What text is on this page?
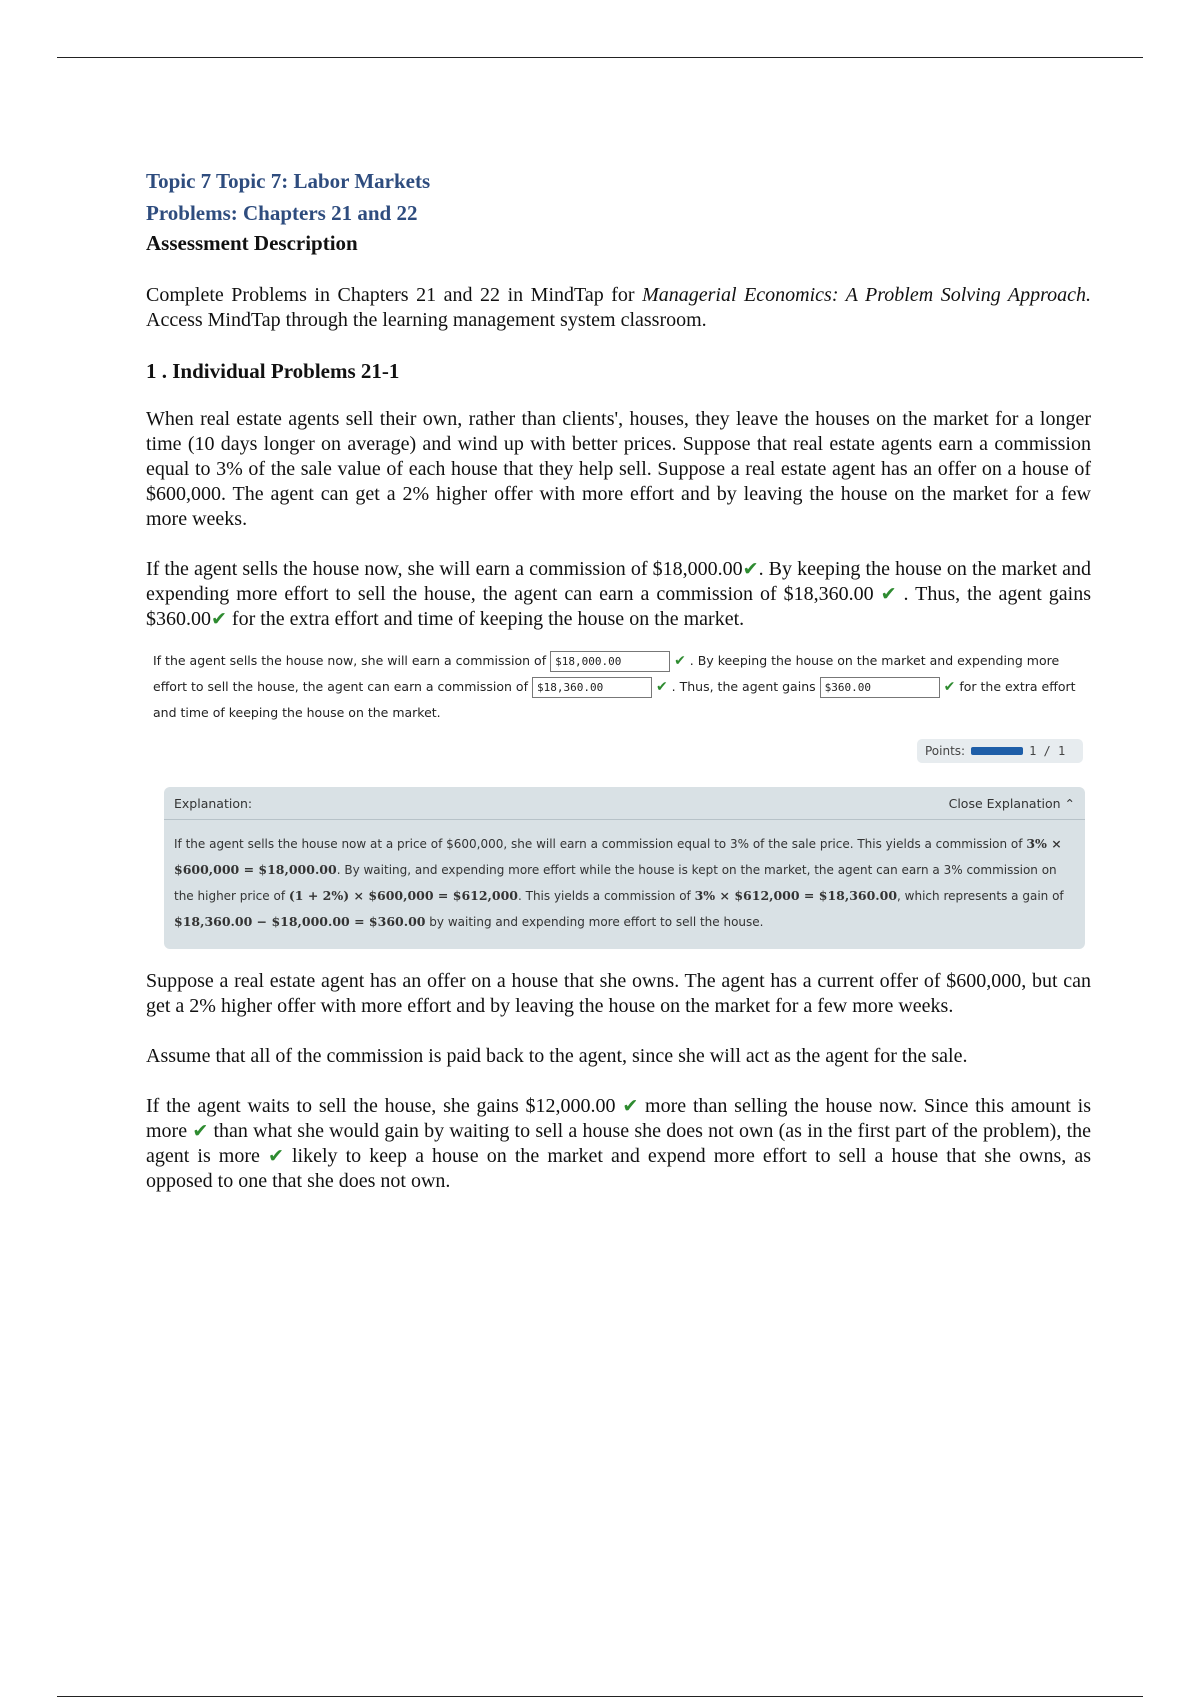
Topic 7 Topic 7: Labor Markets
Problems: Chapters 21 and 22
Assessment Description

Complete Problems in Chapters 21 and 22 in MindTap for Managerial Economics: A Problem Solving Approach. Access MindTap through the learning management system classroom.

1 . Individual Problems 21-1

When real estate agents sell their own, rather than clients', houses, they leave the houses on the market for a longer time (10 days longer on average) and wind up with better prices. Suppose that real estate agents earn a commission equal to 3% of the sale value of each house that they help sell. Suppose a real estate agent has an offer on a house of $600,000. The agent can get a 2% higher offer with more effort and by leaving the house on the market for a few more weeks.

If the agent sells the house now, she will earn a commission of $18,000.00✔. By keeping the house on the market and expending more effort to sell the house, the agent can earn a commission of $18,360.00 ✔ . Thus, the agent gains $360.00✔ for the extra effort and time of keeping the house on the market.

If the agent sells the house now, she will earn a commission of $18,000.00	✔ . By keeping the house on the market and expending more effort to sell the house, the agent can earn a commission of $18,360.00	✔ . Thus, the agent gains $360.00	✔ for the extra effort and time of keeping the house on the market.
Points:	1 / 1
Explanation:	Close Explanation ⌃
If the agent sells the house now at a price of $600,000, she will earn a commission equal to 3% of the sale price. This yields a commission of 3% × $600,000 = $18,000.00. By waiting, and expending more effort while the house is kept on the market, the agent can earn a 3% commission on the higher price of (1 + 2%) × $600,000 = $612,000. This yields a commission of 3% × $612,000 = $18,360.00, which represents a gain of $18,360.00 − $18,000.00 = $360.00 by waiting and expending more effort to sell the house.

Suppose a real estate agent has an offer on a house that she owns. The agent has a current offer of $600,000, but can get a 2% higher offer with more effort and by leaving the house on the market for a few more weeks.

Assume that all of the commission is paid back to the agent, since she will act as the agent for the sale.

If the agent waits to sell the house, she gains $12,000.00 ✔ more than selling the house now. Since this amount is more ✔ than what she would gain by waiting to sell a house she does not own (as in the first part of the problem), the agent is more ✔ likely to keep a house on the market and expend more effort to sell a house that she owns, as opposed to one that she does not own.
